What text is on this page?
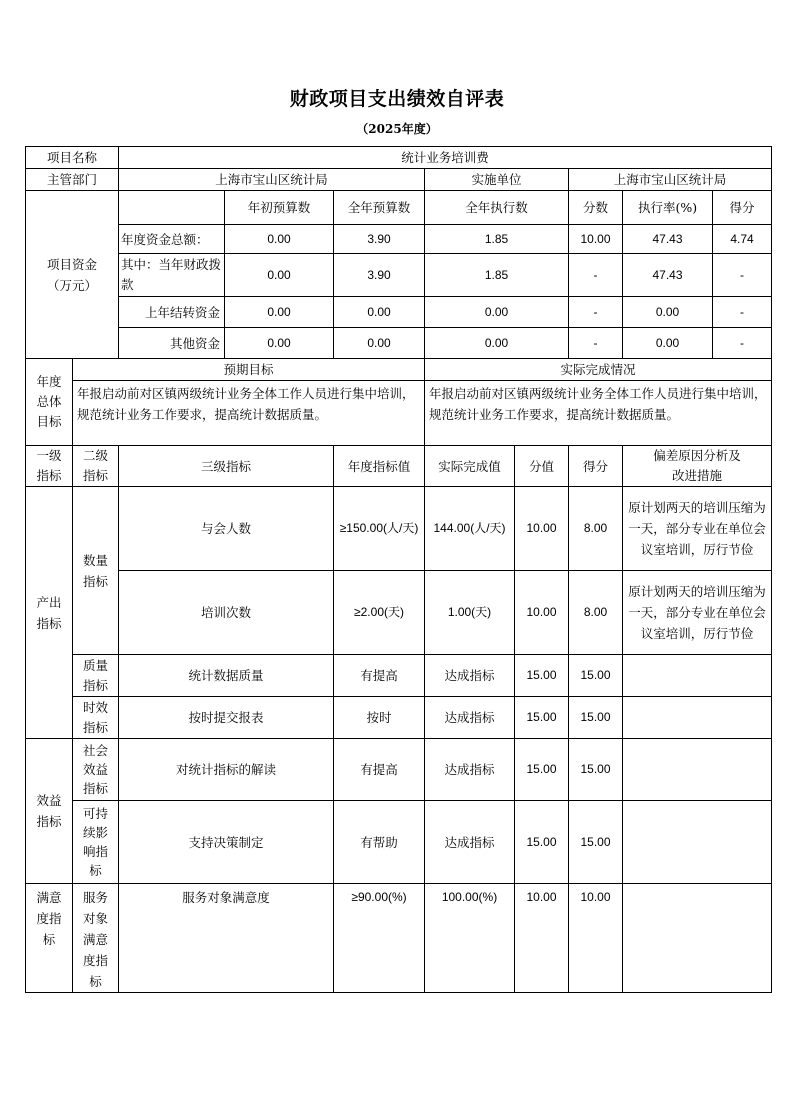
财政项目支出绩效自评表
（2025年度）
项目名称		统计业务培训费							
主管部门		上海市宝山区统计局			实施单位		上海市宝山区统计局		
项目资金（万元）			年初预算数	全年预算数	全年执行数		分数	执行率(%)	得分
		年度资金总额：	0.00	3.90	1.85		10.00	47.43	4.74
		其中：当年财政拨款	0.00	3.90	1.85		-	47.43	-
		上年结转资金	0.00	0.00	0.00		-	0.00	-
		其他资金	0.00	0.00	0.00		-	0.00	-
年度总体目标	预期目标				实际完成情况				
	年报启动前对区镇两级统计业务全体工作人员进行集中培训，规范统计业务工作要求，提高统计数据质量。				年报启动前对区镇两级统计业务全体工作人员进行集中培训，规范统计业务工作要求，提高统计数据质量。				
一级指标	二级指标	三级指标		年度指标值	实际完成值	分值	得分	偏差原因分析及改进措施	
产出指标	数量指标	与会人数		≥150.00(人/天)	144.00(人/天)	10.00	8.00	原计划两天的培训压缩为一天，部分专业在单位会议室培训，厉行节俭	
		培训次数		≥2.00(天)	1.00(天)	10.00	8.00	原计划两天的培训压缩为一天，部分专业在单位会议室培训，厉行节俭	
	质量指标	统计数据质量		有提高	达成指标	15.00	15.00		
	时效指标	按时提交报表		按时	达成指标	15.00	15.00		
效益指标	社会效益指标	对统计指标的解读		有提高	达成指标	15.00	15.00		
	可持续影响指标	支持决策制定		有帮助	达成指标	15.00	15.00		
满意度指标	服务对象满意度指标	服务对象满意度		≥90.00(%)	100.00(%)	10.00	10.00		
